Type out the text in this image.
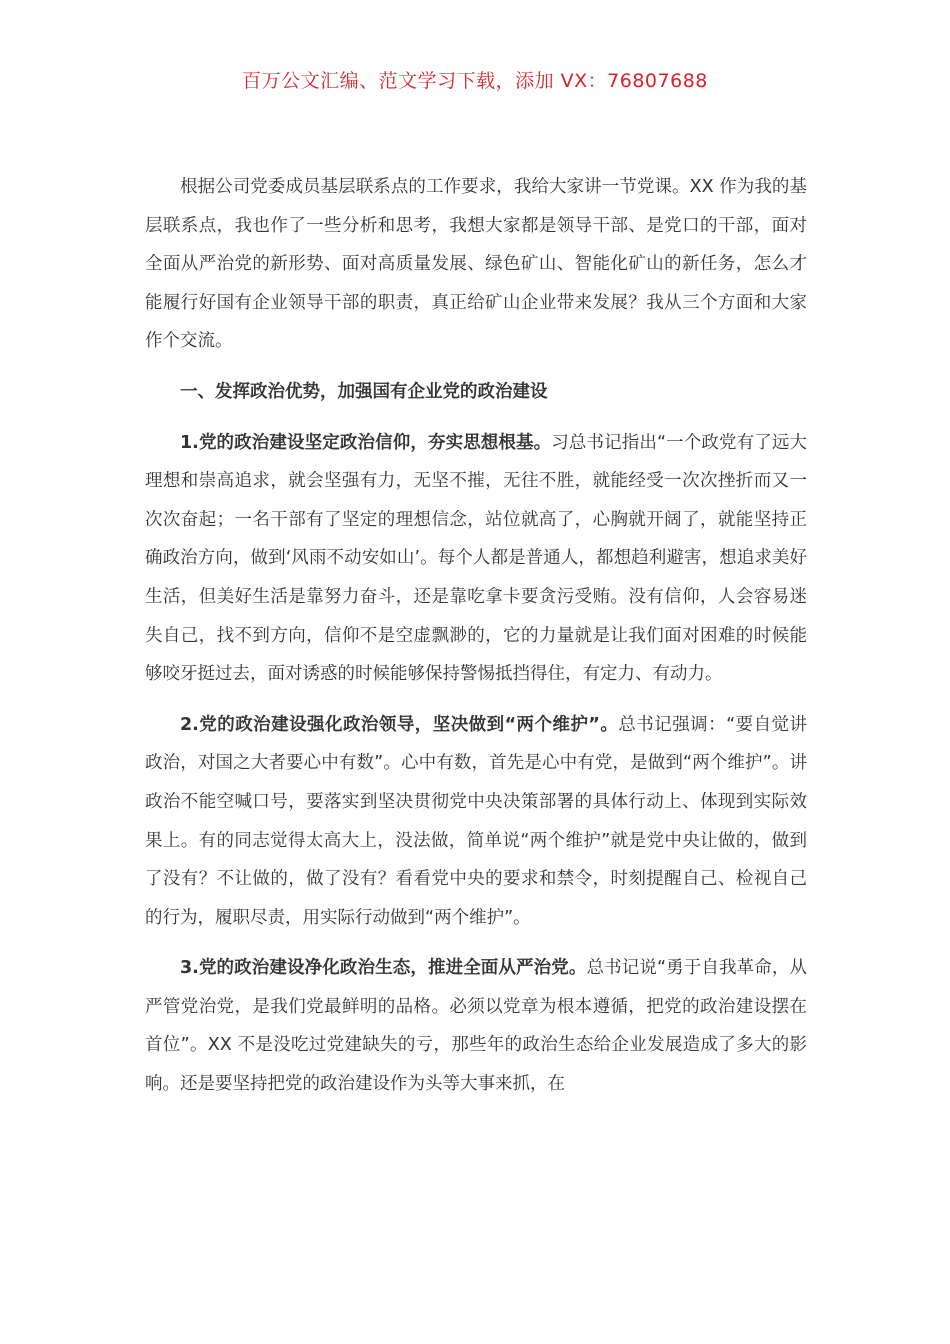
百万公文汇编、范文学习下载，添加 VX：76807688

根据公司党委成员基层联系点的工作要求，我给大家讲一节党课。XX 作为我的基层联系点，我也作了一些分析和思考，我想大家都是领导干部、是党口的干部，面对全面从严治党的新形势、面对高质量发展、绿色矿山、智能化矿山的新任务，怎么才能履行好国有企业领导干部的职责，真正给矿山企业带来发展？我从三个方面和大家作个交流。

一、发挥政治优势，加强国有企业党的政治建设

1.党的政治建设坚定政治信仰，夯实思想根基。习总书记指出“一个政党有了远大理想和崇高追求，就会坚强有力，无坚不摧，无往不胜，就能经受一次次挫折而又一次次奋起；一名干部有了坚定的理想信念，站位就高了，心胸就开阔了，就能坚持正确政治方向，做到‘风雨不动安如山’。每个人都是普通人，都想趋利避害，想追求美好生活，但美好生活是靠努力奋斗，还是靠吃拿卡要贪污受贿。没有信仰，人会容易迷失自己，找不到方向，信仰不是空虚飘渺的，它的力量就是让我们面对困难的时候能够咬牙挺过去，面对诱惑的时候能够保持警惕抵挡得住，有定力、有动力。

2.党的政治建设强化政治领导，坚决做到“两个维护”。总书记强调：“要自觉讲政治，对国之大者要心中有数”。心中有数，首先是心中有党，是做到“两个维护”。讲政治不能空喊口号，要落实到坚决贯彻党中央决策部署的具体行动上、体现到实际效果上。有的同志觉得太高大上，没法做，简单说“两个维护”就是党中央让做的，做到了没有？不让做的，做了没有？看看党中央的要求和禁令，时刻提醒自己、检视自己的行为，履职尽责，用实际行动做到“两个维护”。

3.党的政治建设净化政治生态，推进全面从严治党。总书记说“勇于自我革命，从严管党治党，是我们党最鲜明的品格。必须以党章为根本遵循，把党的政治建设摆在首位”。XX 不是没吃过党建缺失的亏，那些年的政治生态给企业发展造成了多大的影响。还是要坚持把党的政治建设作为头等大事来抓，在
